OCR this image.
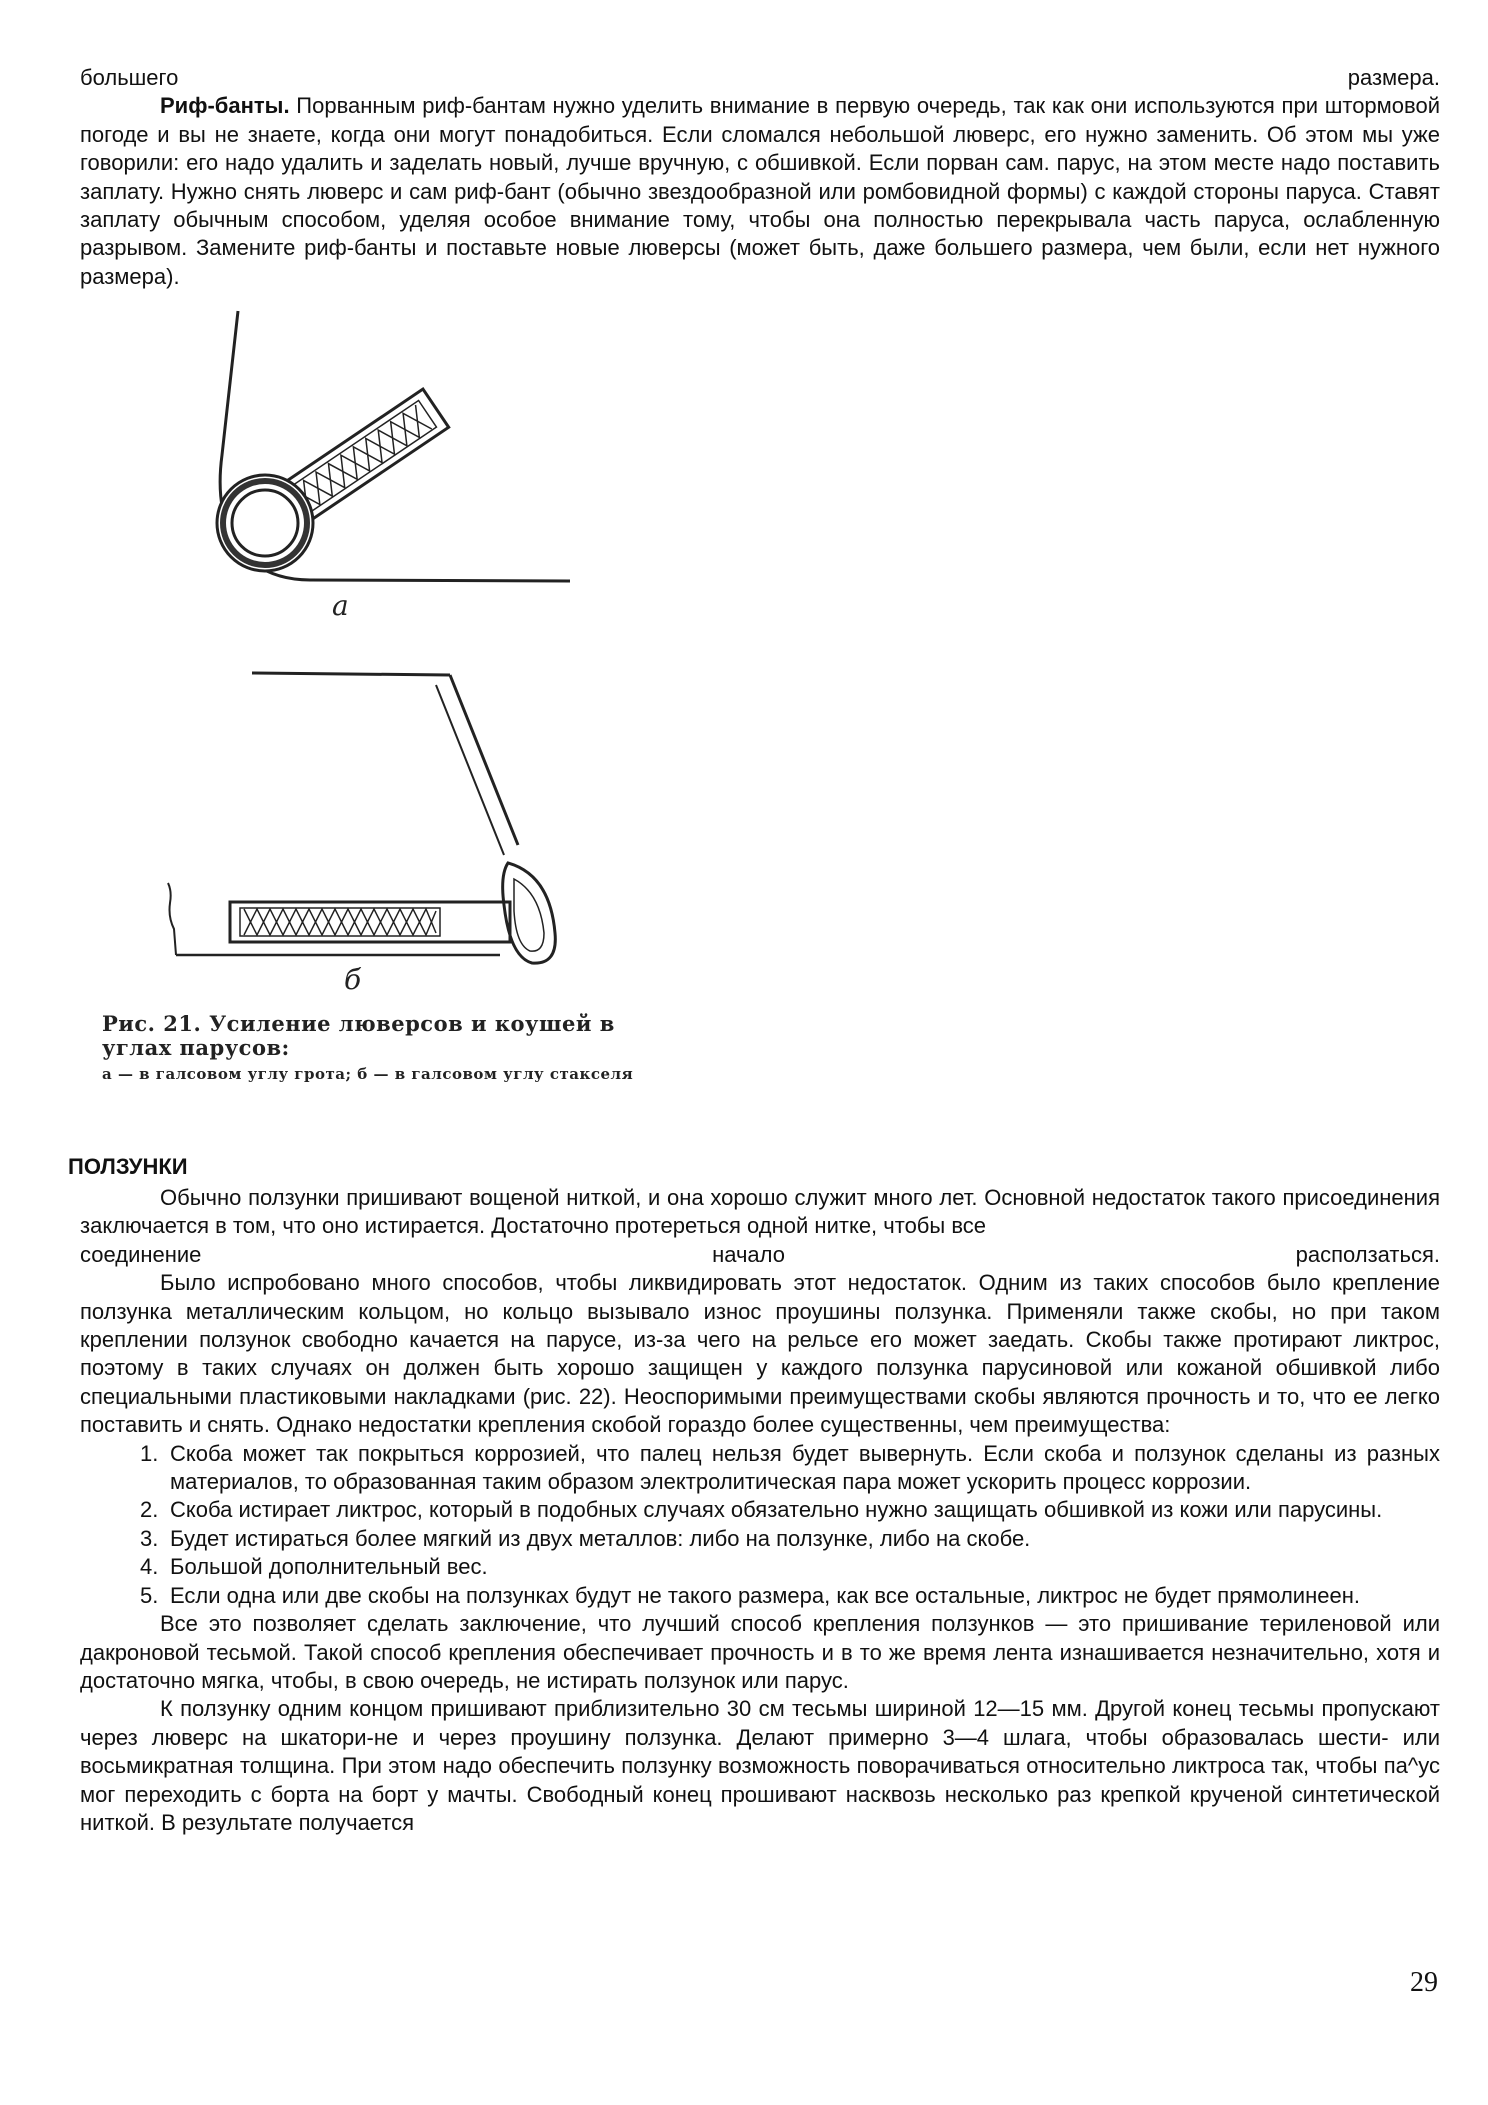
большего	размера.

Риф-банты. Порванным риф-бантам нужно уделить внимание в первую очередь, так как они используются при штормовой погоде и вы не знаете, когда они могут понадобиться. Если сломался небольшой люверс, его нужно заменить. Об этом мы уже говорили: его надо удалить и заделать новый, лучше вручную, с обшивкой. Если порван сам. парус, на этом месте надо поставить заплату. Нужно снять люверс и сам риф-бант (обычно звездообразной или ромбовидной формы) с каждой стороны паруса. Ставят заплату обычным способом, уделяя особое внимание тому, чтобы она полностью перекрывала часть паруса, ослабленную разрывом. Замените риф-банты и поставьте новые люверсы (может быть, даже большего размера, чем были, если нет нужного размера).

а
б
Рис. 21. Усиление люверсов и коушей в углах парусов:
а — в галсовом углу грота; б — в галсовом углу стакселя
ПОЛЗУНКИ

Обычно ползунки пришивают вощеной ниткой, и она хорошо служит много лет. Основной недостаток такого присоединения заключается в том, что оно истирается. Достаточно протереться одной нитке, чтобы все

соединение начало расползаться.

Было испробовано много способов, чтобы ликвидировать этот недостаток. Одним из таких способов было крепление ползунка металлическим кольцом, но кольцо вызывало износ проушины ползунка. Применяли также скобы, но при таком креплении ползунок свободно качается на парусе, из-за чего на рельсе его может заедать. Скобы также протирают ликтрос, поэтому в таких случаях он должен быть хорошо защищен у каждого ползунка парусиновой или кожаной обшивкой либо специальными пластиковыми накладками (рис. 22). Неоспоримыми преимуществами скобы являются прочность и то, что ее легко поставить и снять. Однако недостатки крепления скобой гораздо более существенны, чем преимущества:

1. Скоба может так покрыться коррозией, что палец нельзя будет вывернуть. Если скоба и ползунок сделаны из разных материалов, то образованная таким образом электролитическая пара может ускорить процесс коррозии.
2. Скоба истирает ликтрос, который в подобных случаях обязательно нужно защищать обшивкой из кожи или парусины.
3. Будет истираться более мягкий из двух металлов: либо на ползунке, либо на скобе.
4. Большой дополнительный вес.
5. Если одна или две скобы на ползунках будут не такого размера, как все остальные, ликтрос не будет прямолинеен.

Все это позволяет сделать заключение, что лучший способ крепления ползунков — это пришивание териленовой или дакроновой тесьмой. Такой способ крепления обеспечивает прочность и в то же время лента изнашивается незначительно, хотя и достаточно мягка, чтобы, в свою очередь, не истирать ползунок или парус.

К ползунку одним концом пришивают приблизительно 30 см тесьмы шириной 12—15 мм. Другой конец тесьмы пропускают через люверс на шкатори-не и через проушину ползунка. Делают примерно 3—4 шлага, чтобы образовалась шести- или восьмикратная толщина. При этом надо обеспечить ползунку возможность поворачиваться относительно ликтроса так, чтобы па^ус мог переходить с борта на борт у мачты. Свободный конец прошивают насквозь несколько раз крепкой крученой синтетической ниткой. В результате получается

29
